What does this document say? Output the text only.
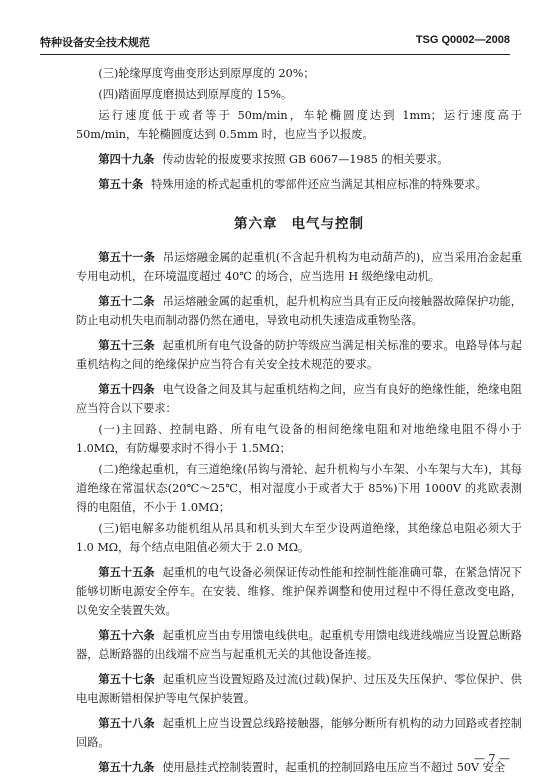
特种设备安全技术规范	TSG Q0002—2008

(三)轮缘厚度弯曲变形达到原厚度的 20%；

(四)踏面厚度磨损达到原厚度的 15%。

运行速度低于或者等于 50m/min，车轮椭圆度达到 1mm；运行速度高于 50m/min，车轮椭圆度达到 0.5mm 时，也应当予以报废。

第四十九条 传动齿轮的报废要求按照 GB 6067—1985 的相关要求。

第五十条 特殊用途的桥式起重机的零部件还应当满足其相应标准的特殊要求。

第六章 电气与控制

第五十一条 吊运熔融金属的起重机(不含起升机构为电动葫芦的)，应当采用冶金起重专用电动机，在环境温度超过 40℃ 的场合，应当选用 H 级绝缘电动机。

第五十二条 吊运熔融金属的起重机，起升机构应当具有正反向接触器故障保护功能，防止电动机失电而制动器仍然在通电，导致电动机失速造成重物坠落。

第五十三条 起重机所有电气设备的防护等级应当满足相关标准的要求。电路导体与起重机结构之间的绝缘保护应当符合有关安全技术规范的要求。

第五十四条 电气设备之间及其与起重机结构之间，应当有良好的绝缘性能，绝缘电阻应当符合以下要求：

(一)主回路、控制电路、所有电气设备的相间绝缘电阻和对地绝缘电阻不得小于 1.0MΩ，有防爆要求时不得小于 1.5MΩ；

(二)绝缘起重机，有三道绝缘(吊钩与滑轮、起升机构与小车架、小车架与大车)，其每道绝缘在常温状态(20℃～25℃，相对湿度小于或者大于 85%)下用 1000V 的兆欧表测得的电阻值，不小于 1.0MΩ；

(三)铝电解多功能机组从吊具和机头到大车至少设两道绝缘，其绝缘总电阻必须大于 1.0 MΩ，每个结点电阻值必须大于 2.0 MΩ。

第五十五条 起重机的电气设备必须保证传动性能和控制性能准确可靠，在紧急情况下能够切断电源安全停车。在安装、维修、维护保养调整和使用过程中不得任意改变电路，以免安全装置失效。

第五十六条 起重机应当由专用馈电线供电。起重机专用馈电线进线端应当设置总断路器，总断路器的出线端不应当与起重机无关的其他设备连接。

第五十七条 起重机应当设置短路及过流(过载)保护、过压及失压保护、零位保护、供电电源断错相保护等电气保护装置。

第五十八条 起重机上应当设置总线路接触器，能够分断所有机构的动力回路或者控制回路。

第五十九条 使用悬挂式控制装置时，起重机的控制回路电压应当不超过 50V 安全

— 7 —
